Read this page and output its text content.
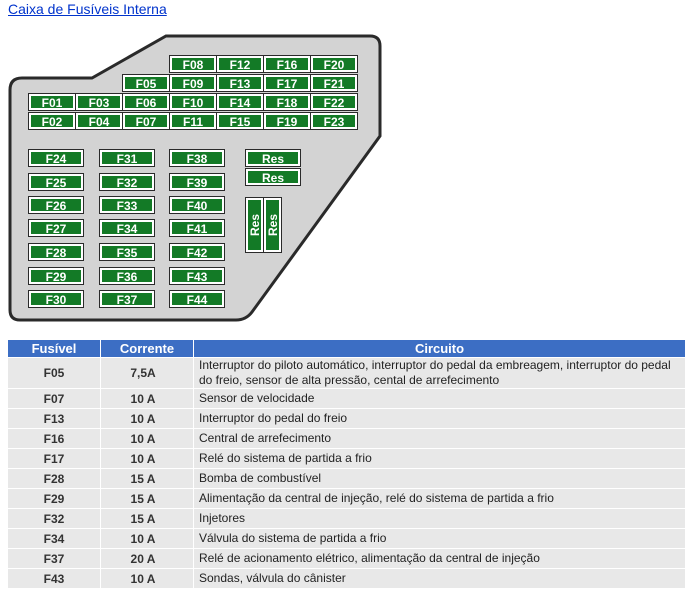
Caixa de Fusíveis Interna
F08	F12	F16	F20
F05	F09	F13	F17	F21
F01	F03	F06	F10	F14	F18	F22
F02	F04	F07	F11	F15	F19	F23
F24
F25
F26
F27
F28
F29
F30
F31
F32
F33
F34
F35
F36
F37
F38
F39
F40
F41
F42
F43
F44
Res
Res
Res Res
Fusível	Corrente	Circuito
F05	7,5A	Interruptor do piloto automático, interruptor do pedal da embreagem, interruptor do pedal do freio, sensor de alta pressão, cental de arrefecimento
F07	10 A	Sensor de velocidade
F13	10 A	Interruptor do pedal do freio
F16	10 A	Central de arrefecimento
F17	10 A	Relé do sistema de partida a frio
F28	15 A	Bomba de combustível
F29	15 A	Alimentação da central de injeção, relé do sistema de partida a frio
F32	15 A	Injetores
F34	10 A	Válvula do sistema de partida a frio
F37	20 A	Relé de acionamento elétrico, alimentação da central de injeção
F43	10 A	Sondas, válvula do cânister
